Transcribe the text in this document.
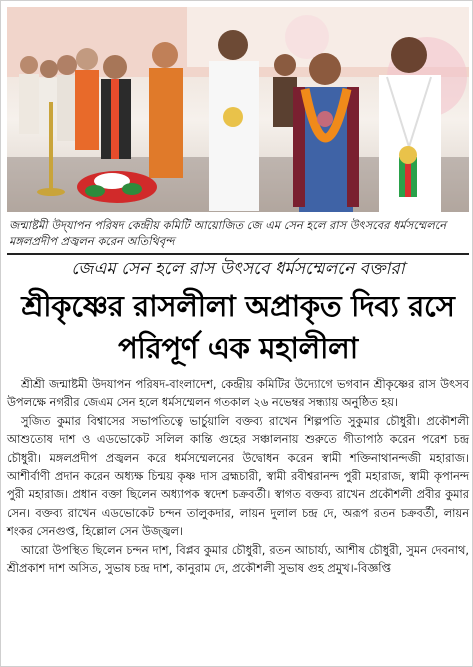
জন্মাষ্টমী উদ্‌যাপন পরিষদ কেন্দ্রীয় কমিটি আয়োজিত জে এম সেন হলে রাস উৎসবের ধর্মসম্মেলনে মঙ্গলপ্রদীপ প্রজ্বলন করেন অতিথিবৃন্দ
জেএম সেন হলে রাস উৎসবে ধর্মসম্মেলনে বক্তারা
শ্রীকৃষ্ণের রাসলীলা অপ্রাকৃত দিব্য রসে পরিপূর্ণ এক মহালীলা

শ্রীশ্রী জন্মাষ্টমী উদযাপন পরিষদ-বাংলাদেশ, কেন্দ্রীয় কমিটির উদ্যোগে ভগবান শ্রীকৃষ্ণের রাস উৎসব উপলক্ষে নগরীর জেএম সেন হলে ধর্মসম্মেলন গতকাল ২৬ নভেম্বর সন্ধ্যায় অনুষ্ঠিত হয়।

সুজিত কুমার বিশ্বাসের সভাপতিত্বে ভার্চুয়ালি বক্তব্য রাখেন শিল্পপতি সুকুমার চৌধুরী। প্রকৌশলী আশুতোষ দাশ ও এডভোকেট সলিল কান্তি গুহের সঞ্চালনায় শুরুতে গীতাপাঠ করেন পরেশ চন্দ্র চৌধুরী। মঙ্গলপ্রদীপ প্রজ্বলন করে ধর্মসম্মেলনের উদ্বোধন করেন স্বামী শক্তিনাথানন্দজী মহারাজ। আশীর্বাণী প্রদান করেন অধ্যক্ষ চিন্ময় কৃষ্ণ দাস ব্রহ্মচারী, স্বামী রবীশ্বরানন্দ পুরী মহারাজ, স্বামী কৃপানন্দ পুরী মহারাজ। প্রধান বক্তা ছিলেন অধ্যাপক স্বদেশ চক্রবর্তী। স্বাগত বক্তব্য রাখেন প্রকৌশলী প্রবীর কুমার সেন। বক্তব্য রাখেন এডভোকেট চন্দন তালুকদার, লায়ন দুলাল চন্দ্র দে, অরূপ রতন চক্রবর্তী, লায়ন শংকর সেনগুপ্ত, হিল্লোল সেন উজ্জ্বল।

আরো উপস্থিত ছিলেন চন্দন দাশ, বিপ্লব কুমার চৌধুরী, রতন আচার্য্য, আশীষ চৌধুরী, সুমন দেবনাথ, শ্রীপ্রকাশ দাশ অসিত, সুভাষ চন্দ্র দাশ, কানুরাম দে, প্রকৌশলী সুভাষ গুহ প্রমুখ।-বিজ্ঞপ্তি
